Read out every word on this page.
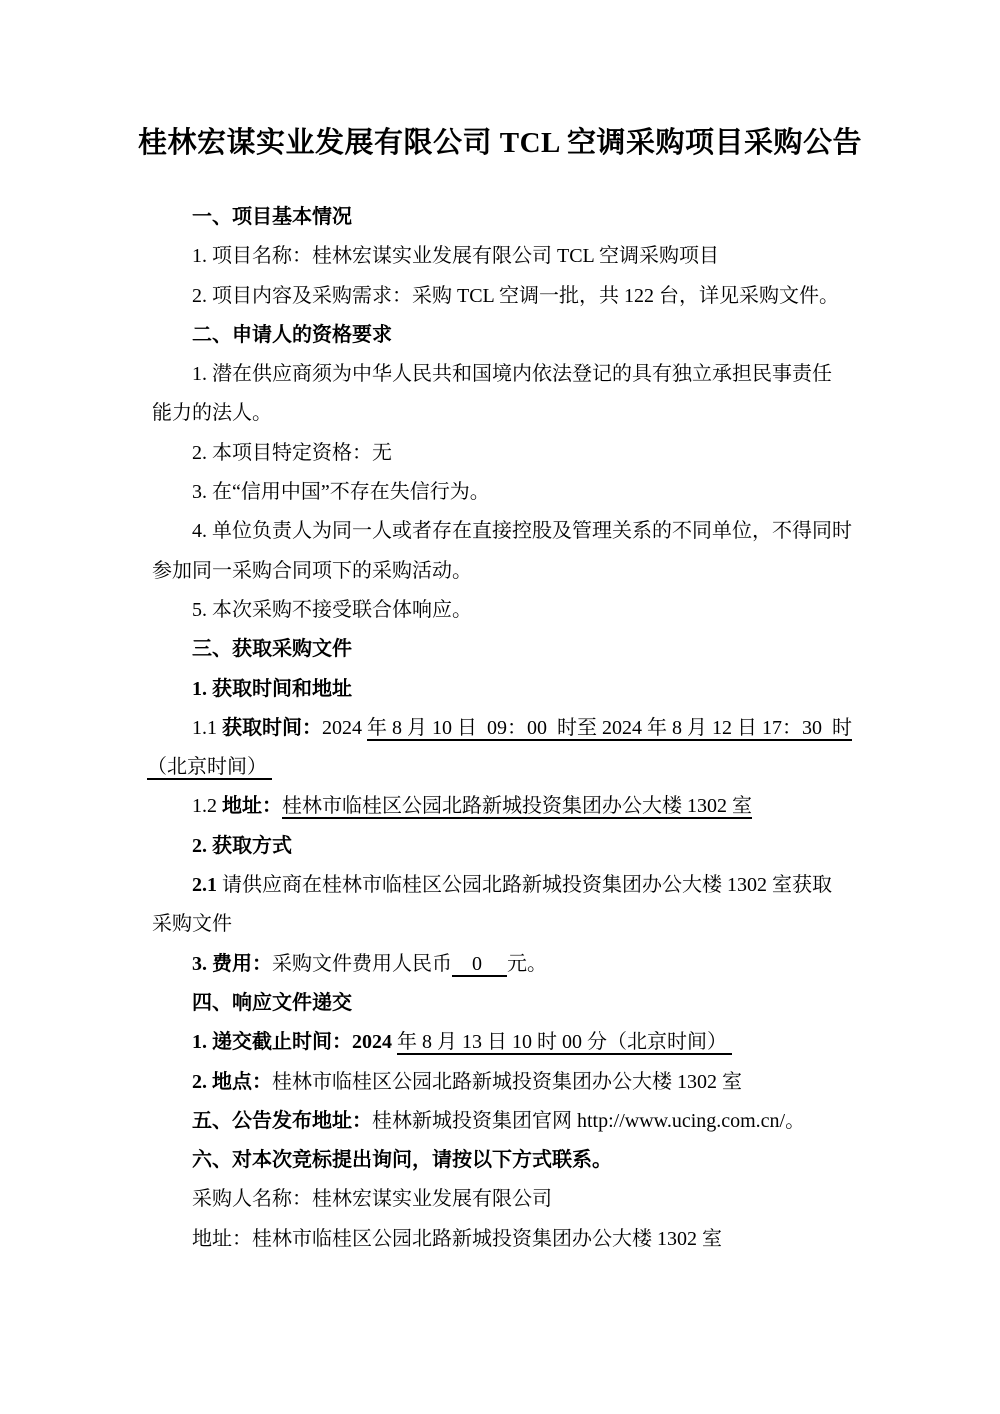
桂林宏谋实业发展有限公司 TCL 空调采购项目采购公告
一、项目基本情况
1. 项目名称：桂林宏谋实业发展有限公司 TCL 空调采购项目
2. 项目内容及采购需求：采购 TCL 空调一批，共 122 台，详见采购文件。
二、申请人的资格要求
1. 潜在供应商须为中华人民共和国境内依法登记的具有独立承担民事责任
能力的法人。
2. 本项目特定资格：无
3. 在“信用中国”不存在失信行为。
4. 单位负责人为同一人或者存在直接控股及管理关系的不同单位，不得同时
参加同一采购合同项下的采购活动。
5. 本次采购不接受联合体响应。
三、获取采购文件
1. 获取时间和地址
1.1 获取时间：2024 年 8 月 10 日  09：00  时至 2024 年 8 月 12 日 17：30  时
（北京时间）
1.2 地址：桂林市临桂区公园北路新城投资集团办公大楼 1302 室
2. 获取方式
2.1 请供应商在桂林市临桂区公园北路新城投资集团办公大楼 1302 室获取
采购文件
3. 费用：采购文件费用人民币    0     元。
四、响应文件递交
1. 递交截止时间：2024 年 8 月 13 日 10 时 00 分（北京时间）
2. 地点：桂林市临桂区公园北路新城投资集团办公大楼 1302 室
五、公告发布地址：桂林新城投资集团官网 http://www.ucing.com.cn/。
六、对本次竞标提出询问，请按以下方式联系。
采购人名称：桂林宏谋实业发展有限公司
地址：桂林市临桂区公园北路新城投资集团办公大楼 1302 室
